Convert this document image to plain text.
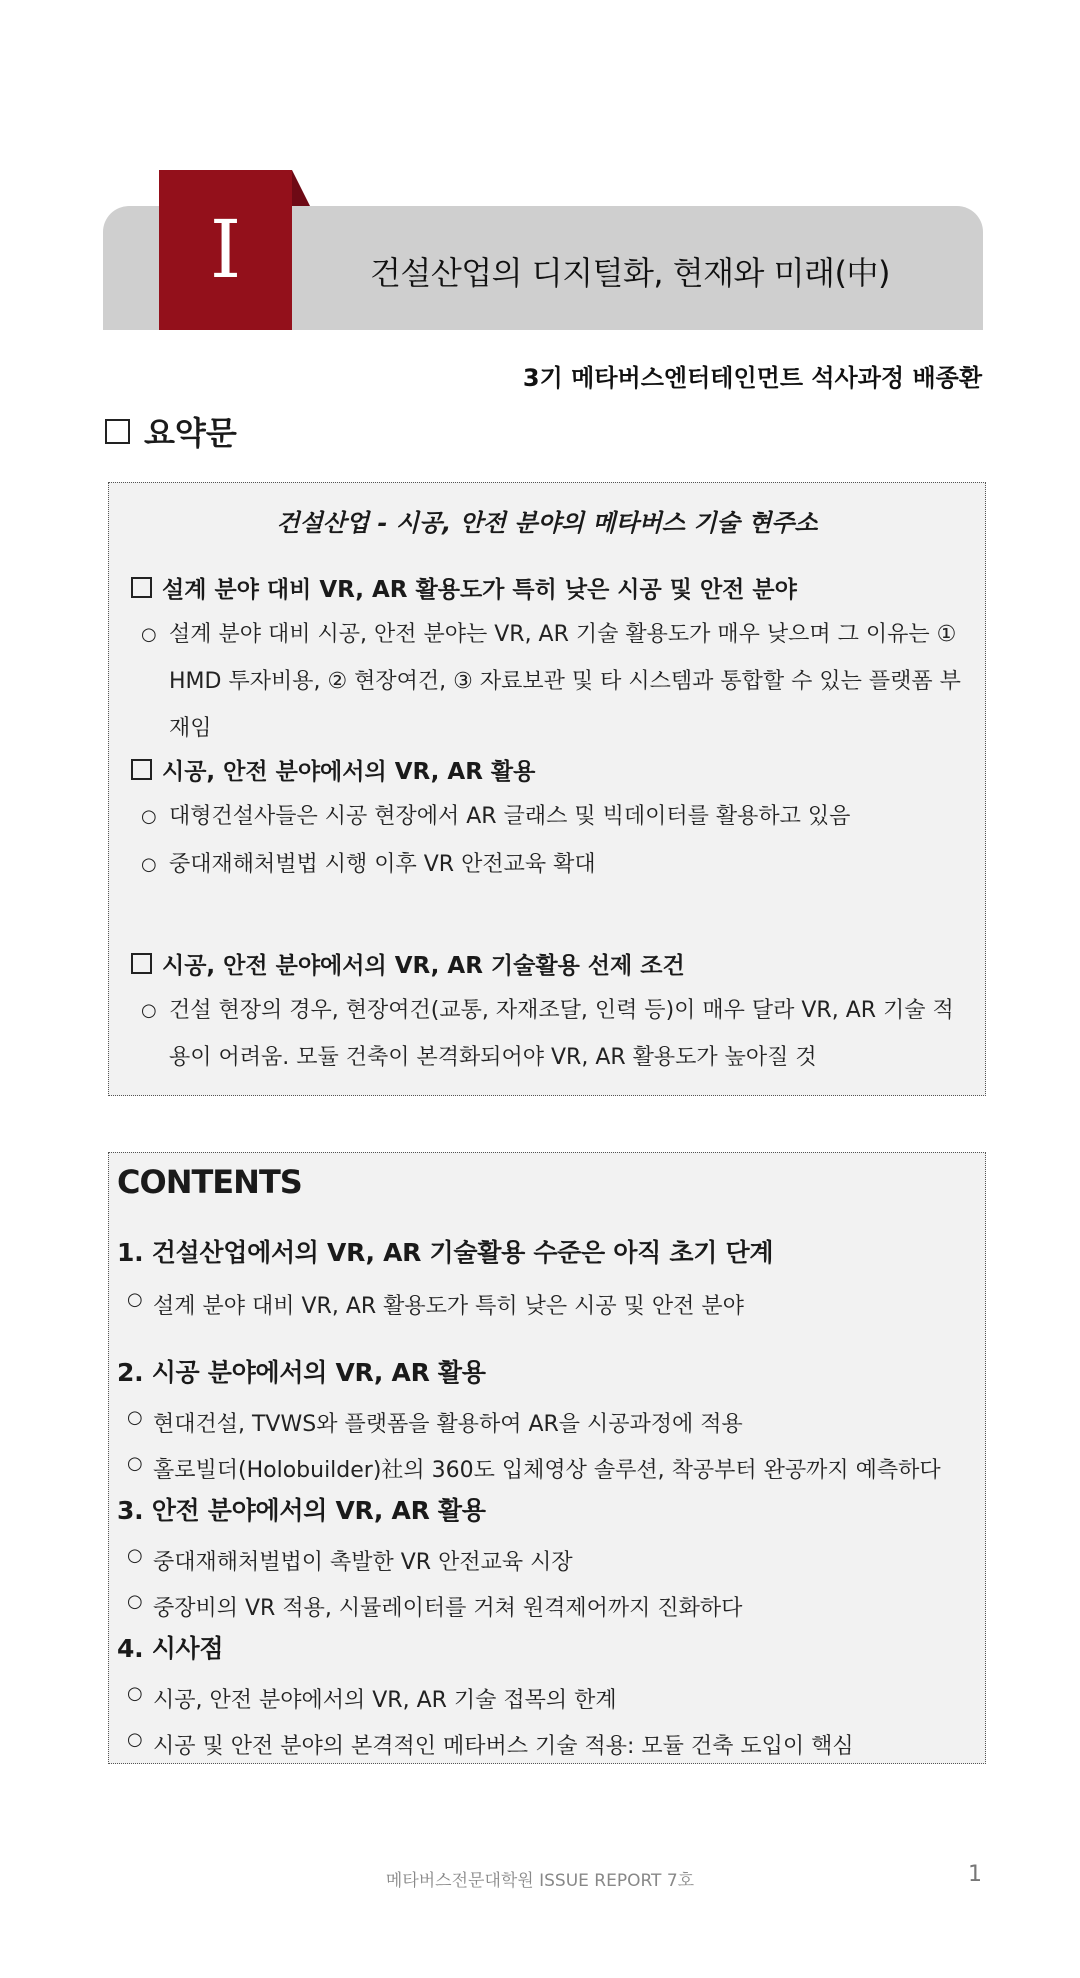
I	건설산업의 디지털화, 현재와 미래(中)
3기 메타버스엔터테인먼트 석사과정 배종환
요약문
건설산업 - 시공, 안전 분야의 메타버스 기술 현주소
설계 분야 대비 VR, AR 활용도가 특히 낮은 시공 및 안전 분야
○ 설계 분야 대비 시공, 안전 분야는 VR, AR 기술 활용도가 매우 낮으며 그 이유는 ① HMD 투자비용, ② 현장여건, ③ 자료보관 및 타 시스템과 통합할 수 있는 플랫폼 부재임
시공, 안전 분야에서의 VR, AR 활용
○ 대형건설사들은 시공 현장에서 AR 글래스 및 빅데이터를 활용하고 있음
○ 중대재해처벌법 시행 이후 VR 안전교육 확대
시공, 안전 분야에서의 VR, AR 기술활용 선제 조건
○ 건설 현장의 경우, 현장여건(교통, 자재조달, 인력 등)이 매우 달라 VR, AR 기술 적용이 어려움. 모듈 건축이 본격화되어야 VR, AR 활용도가 높아질 것
CONTENTS
1. 건설산업에서의 VR, AR 기술활용 수준은 아직 초기 단계
○ 설계 분야 대비 VR, AR 활용도가 특히 낮은 시공 및 안전 분야
2. 시공 분야에서의 VR, AR 활용
○ 현대건설, TVWS와 플랫폼을 활용하여 AR을 시공과정에 적용
○ 홀로빌더(Holobuilder)社의 360도 입체영상 솔루션, 착공부터 완공까지 예측하다
3. 안전 분야에서의 VR, AR 활용
○ 중대재해처벌법이 촉발한 VR 안전교육 시장
○ 중장비의 VR 적용, 시뮬레이터를 거쳐 원격제어까지 진화하다
4. 시사점
○ 시공, 안전 분야에서의 VR, AR 기술 접목의 한계
○ 시공 및 안전 분야의 본격적인 메타버스 기술 적용: 모듈 건축 도입이 핵심
메타버스전문대학원 ISSUE REPORT 7호	1
